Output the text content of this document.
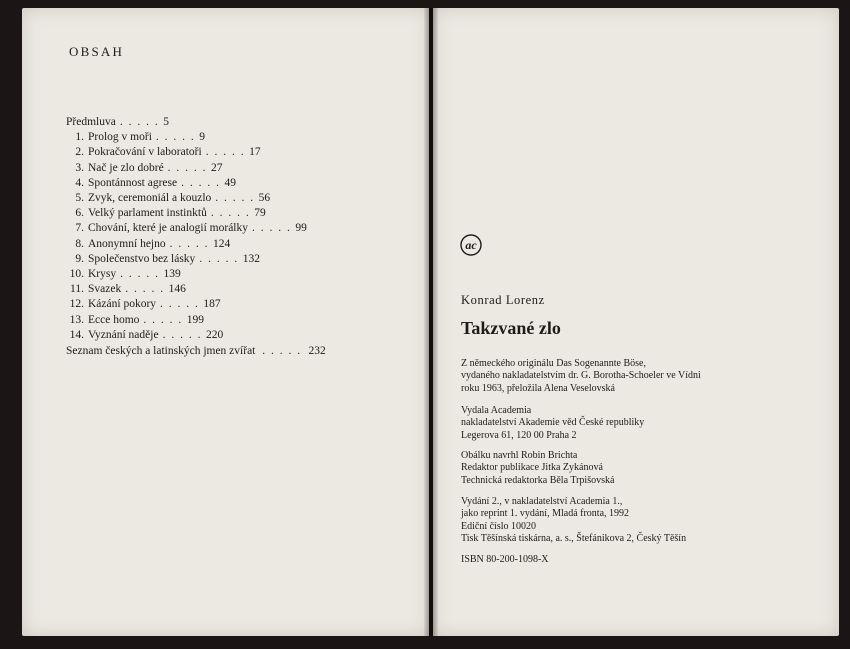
OBSAH
Předmluva . . . . . 5
1. Prolog v moři . . . . . 9
2. Pokračování v laboratoři . . . . . 17
3. Nač je zlo dobré . . . . . 27
4. Spontánnost agrese . . . . . 49
5. Zvyk, ceremoniál a kouzlo . . . . . 56
6. Velký parlament instinktů . . . . . 79
7. Chování, které je analogií morálky . . . . . 99
8. Anonymní hejno . . . . . 124
9. Společenstvo bez lásky . . . . . 132
10. Krysy . . . . . 139
11. Svazek . . . . . 146
12. Kázání pokory . . . . . 187
13. Ecce homo . . . . . 199
14. Vyznání naděje . . . . . 220
Seznam českých a latinských jmen zvířat . . . . . 232
ac
Konrad Lorenz
Takzvané zlo
Z německého originálu Das Sogenannte Böse,
vydaného nakladatelstvím dr. G. Borotha-Schoeler ve Vídni
roku 1963, přeložila Alena Veselovská
Vydala Academia
nakladatelství Akademie věd České republiky
Legerova 61, 120 00 Praha 2
Obálku navrhl Robin Brichta
Redaktor publikace Jitka Zykánová
Technická redaktorka Běla Trpišovská
Vydání 2., v nakladatelství Academia 1.,
jako reprint 1. vydání, Mladá fronta, 1992
Ediční číslo 10020
Tisk Těšínská tiskárna, a. s., Štefánikova 2, Český Těšín
ISBN 80-200-1098-X
